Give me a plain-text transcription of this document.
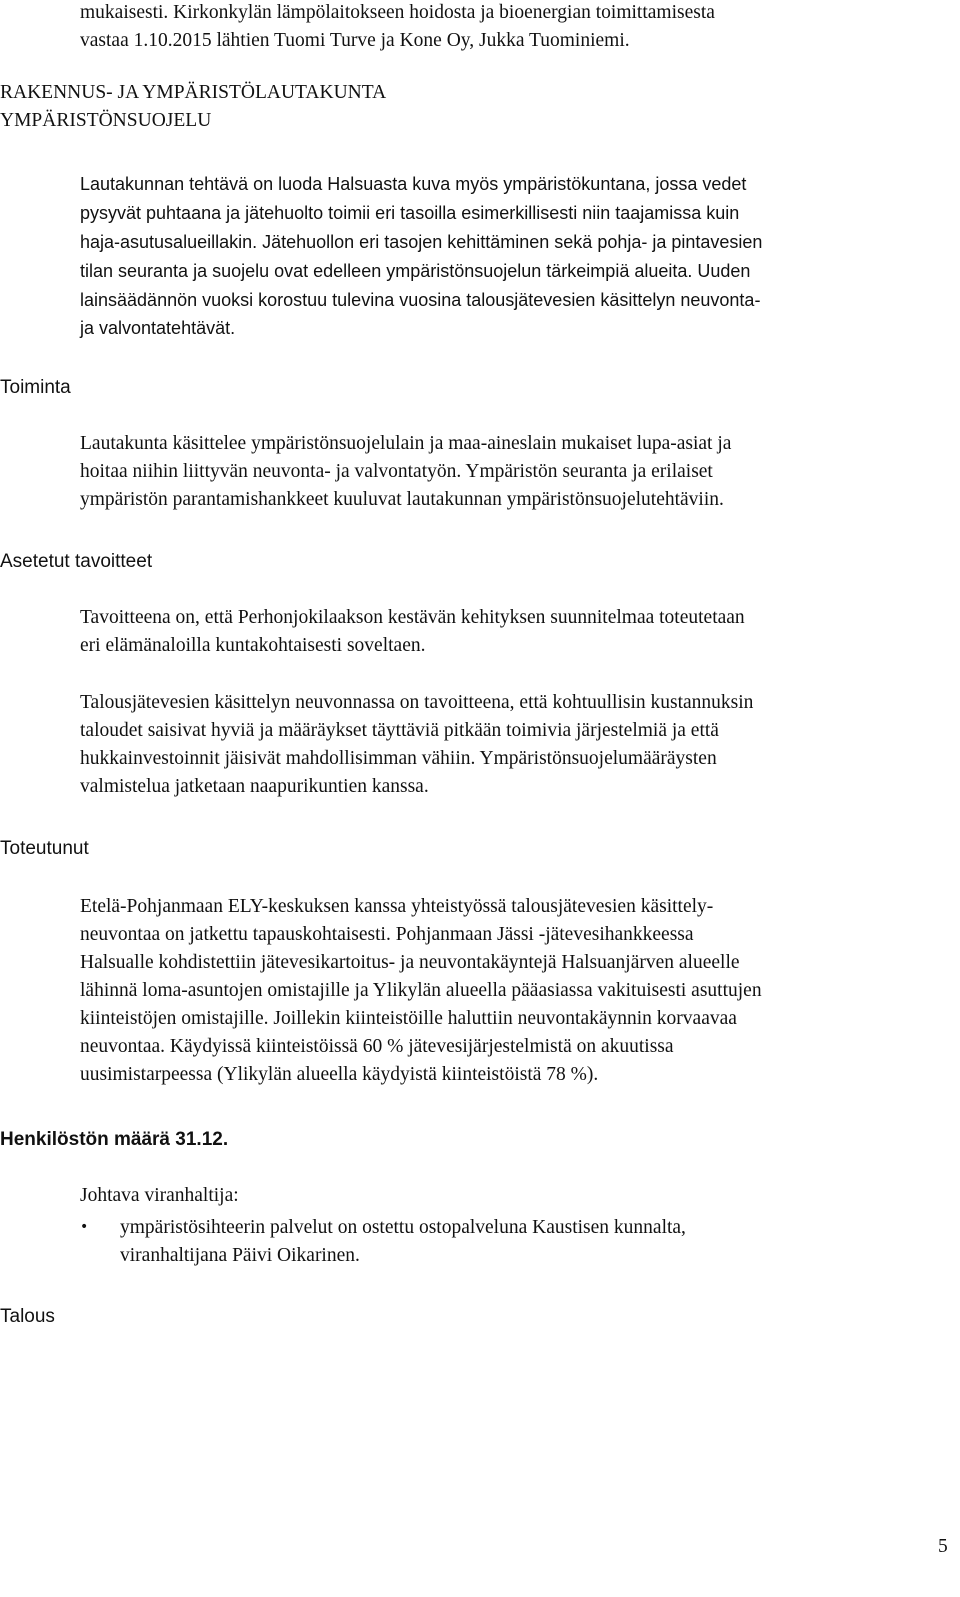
mukaisesti. Kirkonkylän lämpölaitokseen hoidosta ja bioenergian toimittamisesta
vastaa 1.10.2015 lähtien Tuomi Turve ja Kone Oy, Jukka Tuominiemi.
RAKENNUS- JA YMPÄRISTÖLAUTAKUNTA
YMPÄRISTÖNSUOJELU
Lautakunnan tehtävä on luoda Halsuasta kuva myös ympäristökuntana, jossa vedet
pysyvät puhtaana ja jätehuolto toimii eri tasoilla esimerkillisesti niin taajamissa kuin
haja-asutusalueillakin. Jätehuollon eri tasojen kehittäminen sekä pohja- ja pintavesien
tilan seuranta ja suojelu ovat edelleen ympäristönsuojelun tärkeimpiä alueita. Uuden
lainsäädännön vuoksi korostuu tulevina vuosina talousjätevesien käsittelyn neuvonta-
ja valvontatehtävät.
Toiminta
Lautakunta käsittelee ympäristönsuojelulain ja maa-aineslain mukaiset lupa-asiat ja
hoitaa niihin liittyvän neuvonta- ja valvontatyön. Ympäristön seuranta ja erilaiset
ympäristön parantamishankkeet kuuluvat lautakunnan ympäristönsuojelutehtäviin.
Asetetut tavoitteet
Tavoitteena on, että Perhonjokilaakson kestävän kehityksen suunnitelmaa toteutetaan
eri elämänaloilla kuntakohtaisesti soveltaen.
Talousjätevesien käsittelyn neuvonnassa on tavoitteena, että kohtuullisin kustannuksin
taloudet saisivat hyviä ja määräykset täyttäviä pitkään toimivia järjestelmiä ja että
hukkainvestoinnit jäisivät mahdollisimman vähiin. Ympäristönsuojelumääräysten
valmistelua jatketaan naapurikuntien kanssa.
Toteutunut
Etelä-Pohjanmaan ELY-keskuksen kanssa yhteistyössä talousjätevesien käsittely-
neuvontaa on jatkettu tapauskohtaisesti. Pohjanmaan Jässi -jätevesihankkeessa
Halsualle kohdistettiin jätevesikartoitus- ja neuvontakäyntejä Halsuanjärven alueelle
lähinnä loma-asuntojen omistajille ja Ylikylän alueella pääasiassa vakituisesti asuttujen
kiinteistöjen omistajille. Joillekin kiinteistöille haluttiin neuvontakäynnin korvaavaa
neuvontaa. Käydyissä kiinteistöissä 60 % jätevesijärjestelmistä on akuutissa
uusimistarpeessa (Ylikylän alueella käydyistä kiinteistöistä 78 %).
Henkilöstön määrä 31.12.
Johtava viranhaltija:
• ympäristösihteerin palvelut on ostettu ostopalveluna Kaustisen kunnalta,
viranhaltijana Päivi Oikarinen.
Talous
5
